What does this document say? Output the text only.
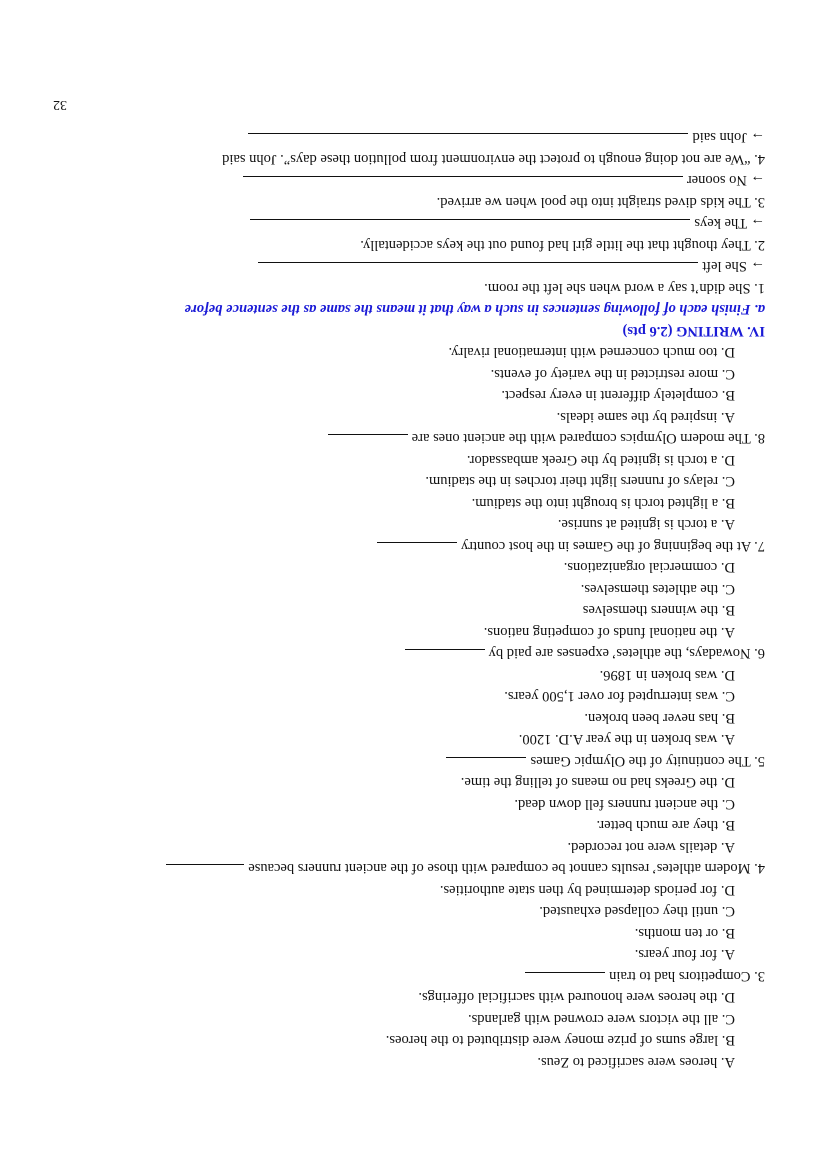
A. heroes were sacrificed to Zeus.
B. large sums of prize money were distributed to the heroes.
C. all the victors were crowned with garlands.
D. the heroes were honoured with sacrificial offerings.
3. Competitors had to train
A. for four years.
B. or ten months.
C. until they collapsed exhausted.
D. for periods determined by then state authorities.
4. Modern athletes’ results cannot be compared with those of the ancient runners because
A. details were not recorded.
B. they are much better.
C. the ancient runners fell down dead.
D. the Greeks had no means of telling the time.
5. The continuity of the Olympic Games
A. was broken in the year A.D. 1200.
B. has never been broken.
C. was interrupted for over 1,500 years.
D. was broken in 1896.
6. Nowadays, the athletes’ expenses are paid by
A. the national funds of competing nations.
B. the winners themselves
C. the athletes themselves.
D. commercial organizations.
7. At the beginning of the Games in the host country
A. a torch is ignited at sunrise.
B. a lighted torch is brought into the stadium.
C. relays of runners light their torches in the stadium.
D. a torch is ignited by the Greek ambassador.
8. The modern Olympics compared with the ancient ones are
A. inspired by the same ideals.
B. completely different in every respect.
C. more restricted in the variety of events.
D. too much concerned with international rivalry.
IV. WRITING (2.6 pts)
a. Finish each of following sentences in such a way that it means the same as the sentence before
1. She didn’t say a word when she left the room.
→ She left
2. They thought that the little girl had found out the keys accidentally.
→ The keys
3. The kids dived straight into the pool when we arrived.
→ No sooner
4. “We are not doing enough to protect the environment from pollution these days”. John said
→ John said
32
